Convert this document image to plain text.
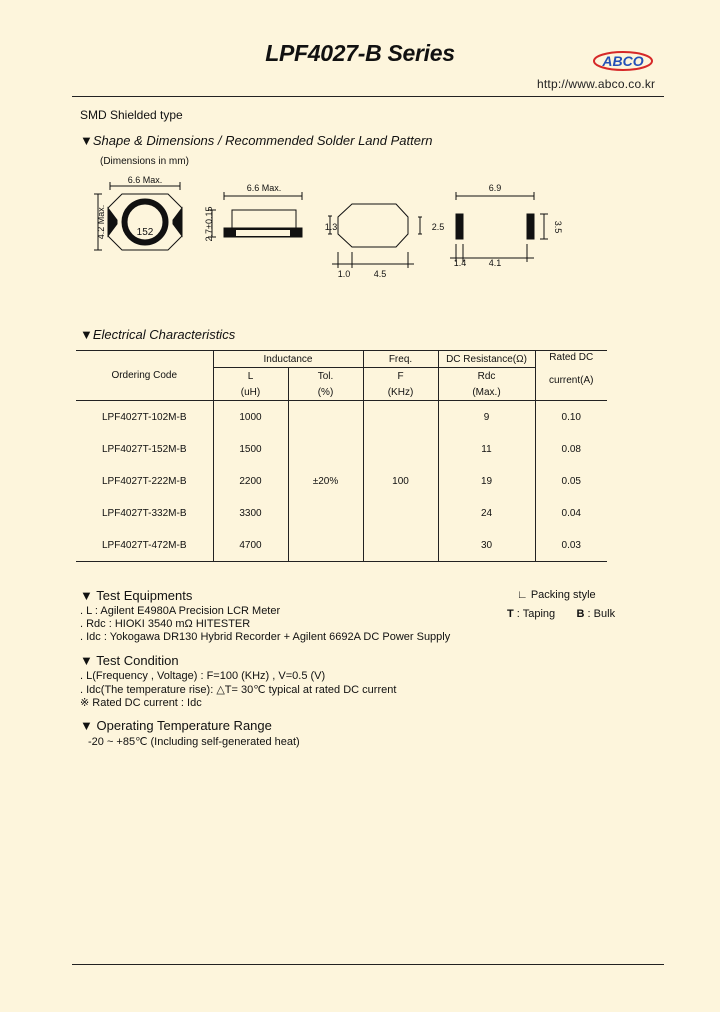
LPF4027-B Series	ABCO
http://www.abco.co.kr
SMD Shielded type
▼Shape & Dimensions / Recommended Solder Land Pattern
(Dimensions in mm)
6.6 Max.
152
4.2 Max.
6.6 Max.
2.7±0.15	1.3
1.0	4.5
2.5
6.9
1.4 4.1
3.5
▼Electrical Characteristics
Ordering Code	Inductance		Freq.	DC Resistance(Ω)	Rated DC
current(A)

	L	Tol.	F	Rdc	
	(uH)	(%)	(KHz)	(Max.)	
LPF4027T-102M-B	1000	±20%	100	9	0.10
LPF4027T-152M-B	1500			11	0.08
LPF4027T-222M-B	2200			19	0.05
LPF4027T-332M-B	3300			24	0.04
LPF4027T-472M-B	4700			30	0.03
∟ Packing style
T : Taping B : Bulk
▼ Test Equipments
. L : Agilent E4980A Precision LCR Meter
. Rdc : HIOKI 3540 mΩ HITESTER
. Idc : Yokogawa DR130 Hybrid Recorder + Agilent 6692A DC Power Supply
▼ Test Condition
. L(Frequency , Voltage) : F=100 (KHz) , V=0.5 (V)
. Idc(The temperature rise): △T= 30℃ typical at rated DC current
※ Rated DC current : Idc
▼ Operating Temperature Range
-20 ~ +85℃ (Including self-generated heat)
